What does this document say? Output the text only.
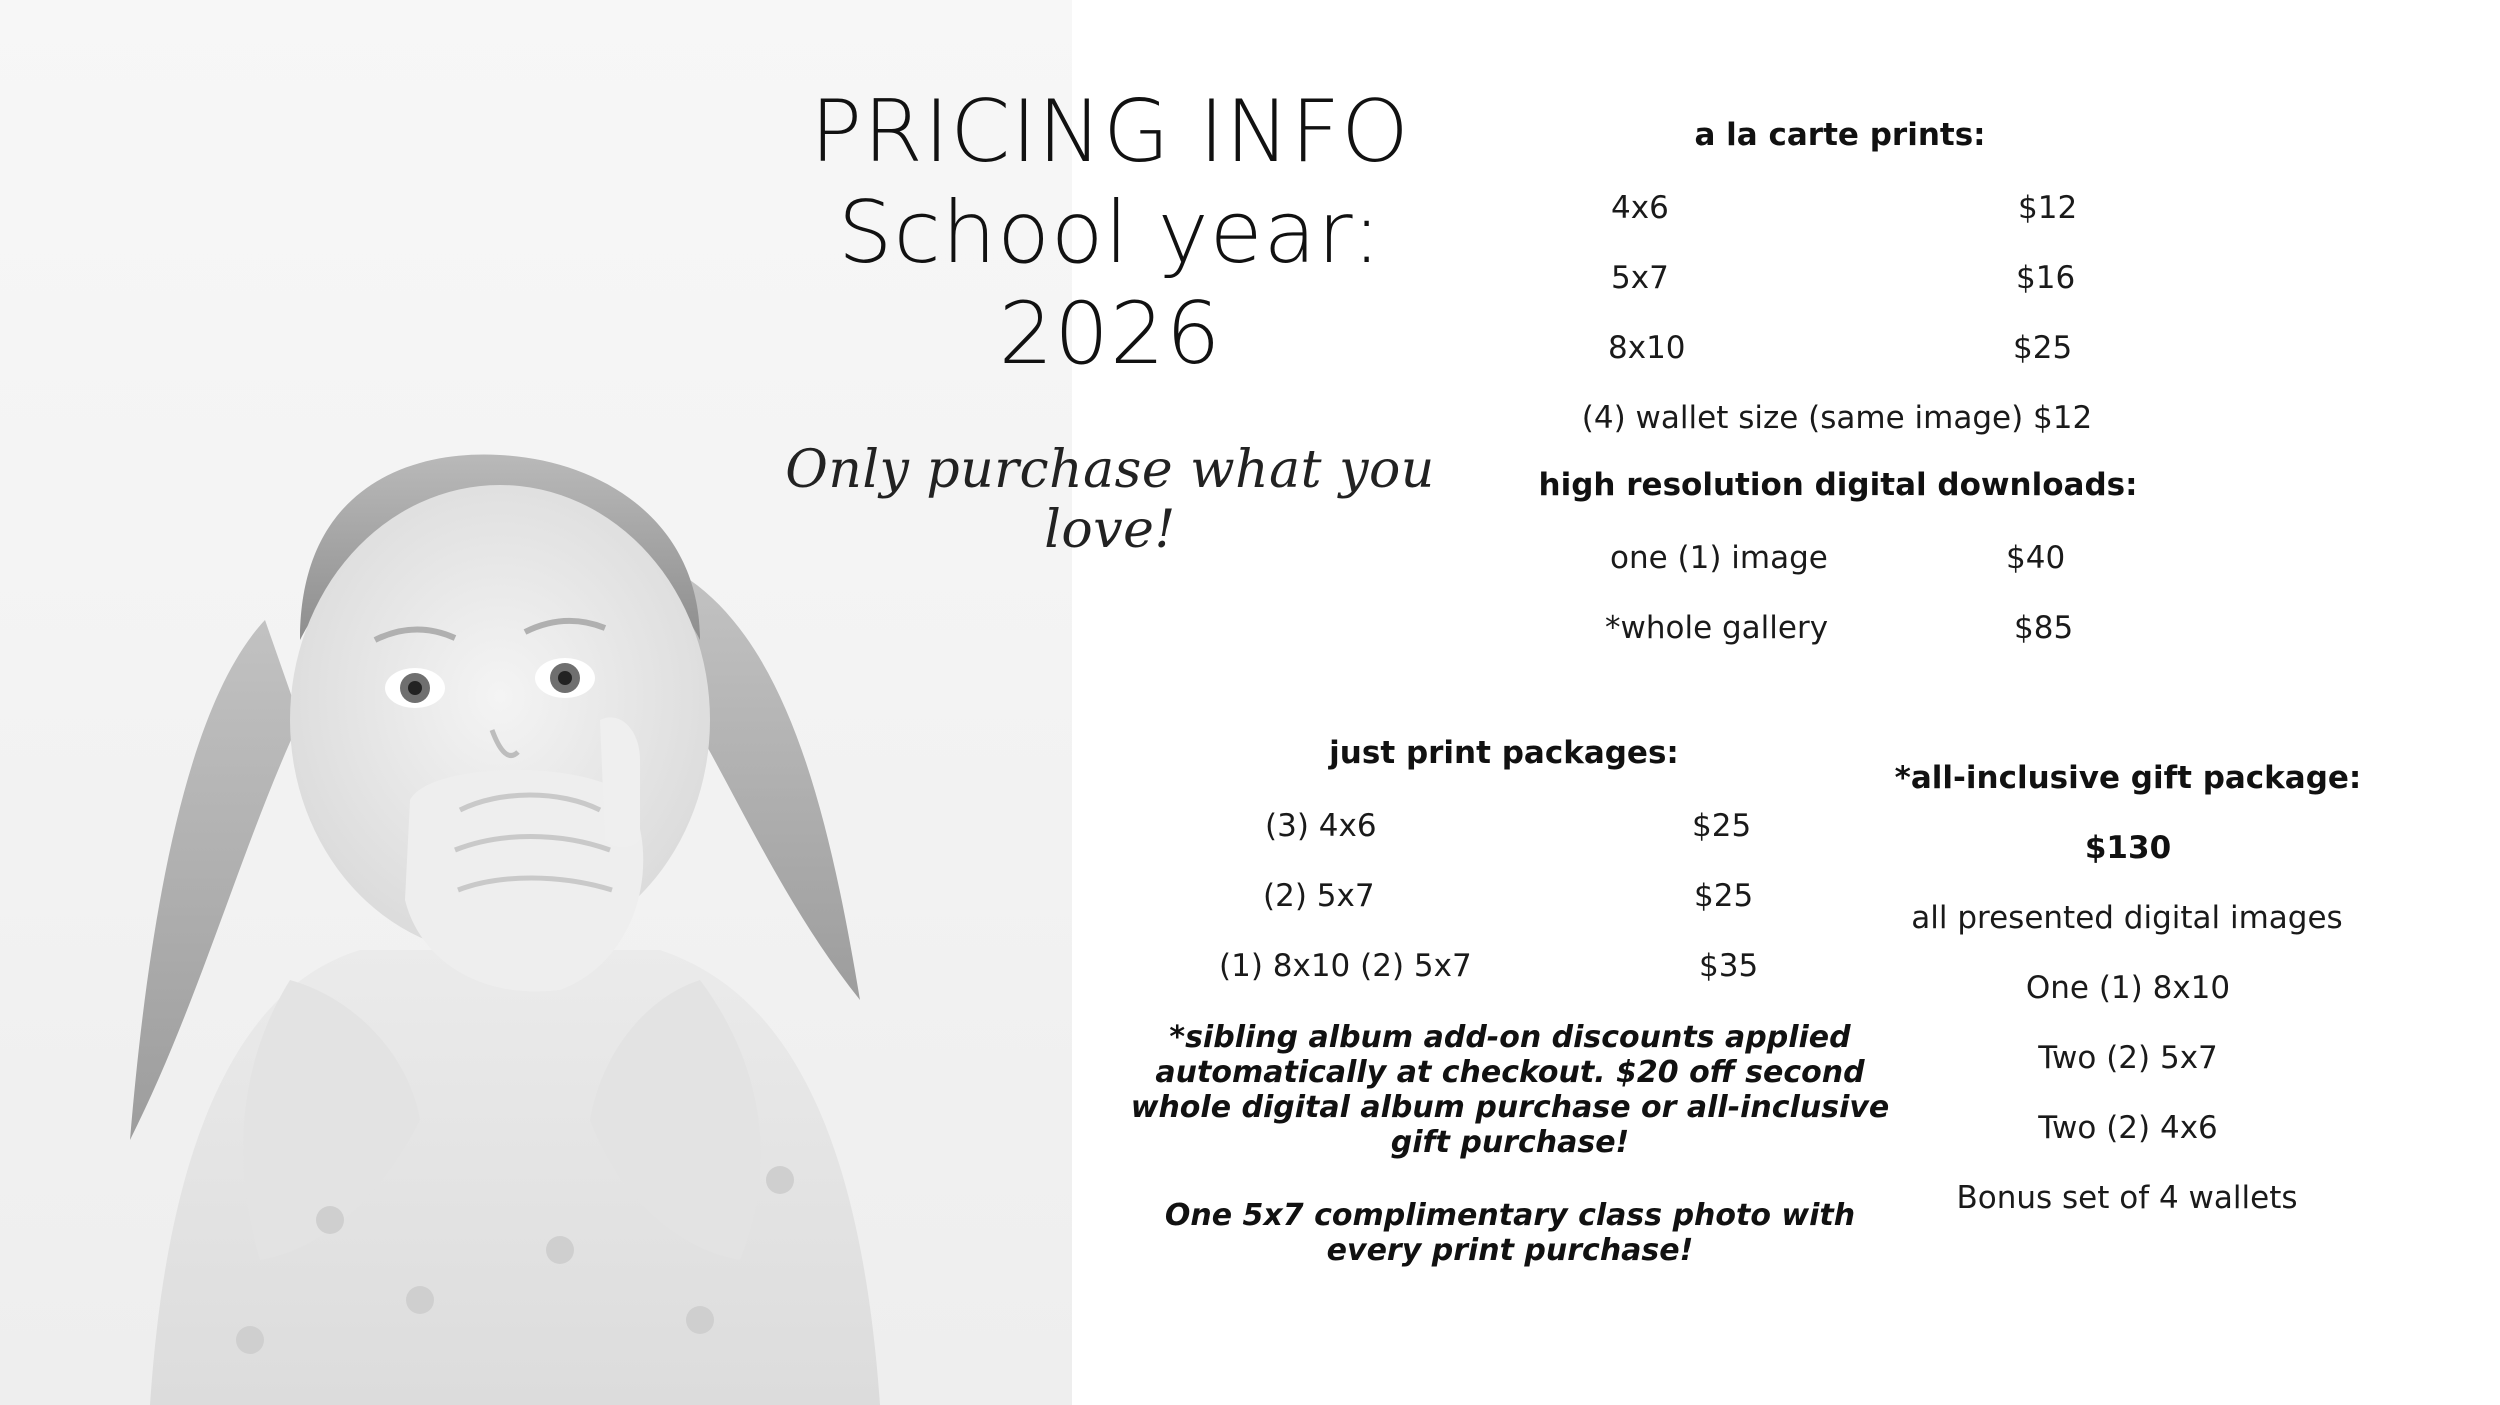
PRICING INFO
School year:
2026
Only purchase what you love!
a la carte prints:
4x6	$12
5x7	$16
8x10	$25
(4) wallet size (same image) $12
high resolution digital downloads:
one (1) image	$40
*whole gallery	$85
just print packages:
(3) 4x6	$25
(2) 5x7	$25
(1) 8x10 (2) 5x7	$35
*sibling album add-on discounts applied automatically at checkout. $20 off second whole digital album purchase or all-inclusive gift purchase!
One 5x7 complimentary class photo with every print purchase!
*all-inclusive gift package:
$130
all presented digital images
One (1) 8x10
Two (2) 5x7
Two (2) 4x6
Bonus set of 4 wallets
